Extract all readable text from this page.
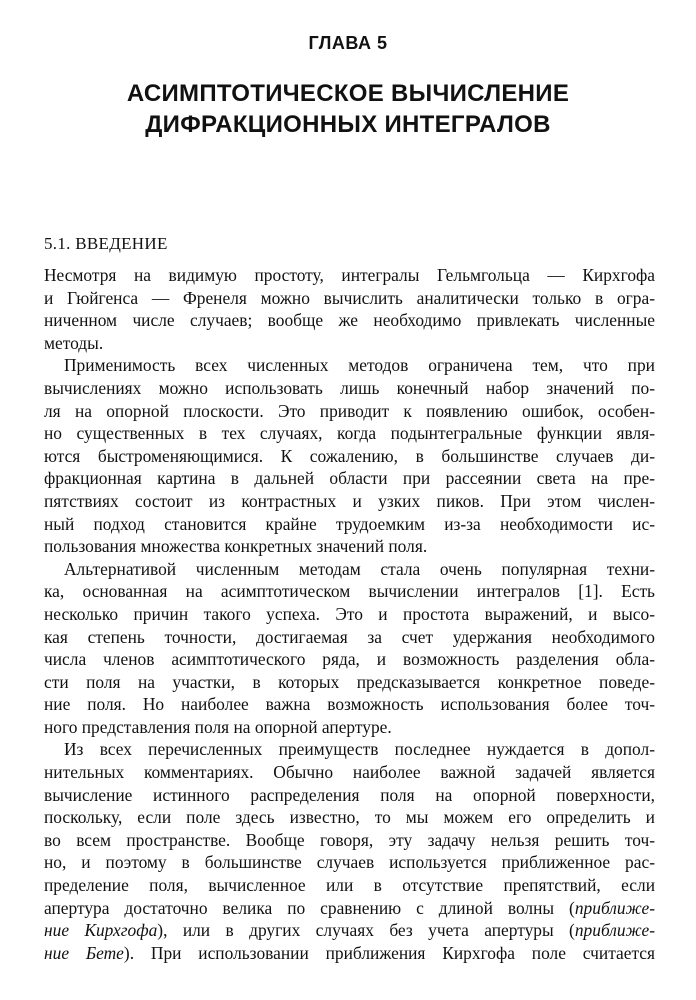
ГЛАВА 5
АСИМПТОТИЧЕСКОЕ ВЫЧИСЛЕНИЕ
ДИФРАКЦИОННЫХ ИНТЕГРАЛОВ
5.1. ВВЕДЕНИЕ
Несмотря на видимую простоту, интегралы Гельмгольца — Кирхгофа
и Гюйгенса — Френеля можно вычислить аналитически только в огра-
ниченном числе случаев; вообще же необходимо привлекать численные
методы.
Применимость всех численных методов ограничена тем, что при
вычислениях можно использовать лишь конечный набор значений по-
ля на опорной плоскости. Это приводит к появлению ошибок, особен-
но существенных в тех случаях, когда подынтегральные функции явля-
ются быстроменяющимися. К сожалению, в большинстве случаев ди-
фракционная картина в дальней области при рассеянии света на пре-
пятствиях состоит из контрастных и узких пиков. При этом числен-
ный подход становится крайне трудоемким из-за необходимости ис-
пользования множества конкретных значений поля.
Альтернативой численным методам стала очень популярная техни-
ка, основанная на асимптотическом вычислении интегралов [1]. Есть
несколько причин такого успеха. Это и простота выражений, и высо-
кая степень точности, достигаемая за счет удержания необходимого
числа членов асимптотического ряда, и возможность разделения обла-
сти поля на участки, в которых предсказывается конкретное поведе-
ние поля. Но наиболее важна возможность использования более точ-
ного представления поля на опорной апертуре.
Из всех перечисленных преимуществ последнее нуждается в допол-
нительных комментариях. Обычно наиболее важной задачей является
вычисление истинного распределения поля на опорной поверхности,
поскольку, если поле здесь известно, то мы можем его определить и
во всем пространстве. Вообще говоря, эту задачу нельзя решить точ-
но, и поэтому в большинстве случаев используется приближенное рас-
пределение поля, вычисленное или в отсутствие препятствий, если
апертура достаточно велика по сравнению с длиной волны (приближе-
ние Кирхгофа), или в других случаях без учета апертуры (приближе-
ние Бете). При использовании приближения Кирхгофа поле считается
